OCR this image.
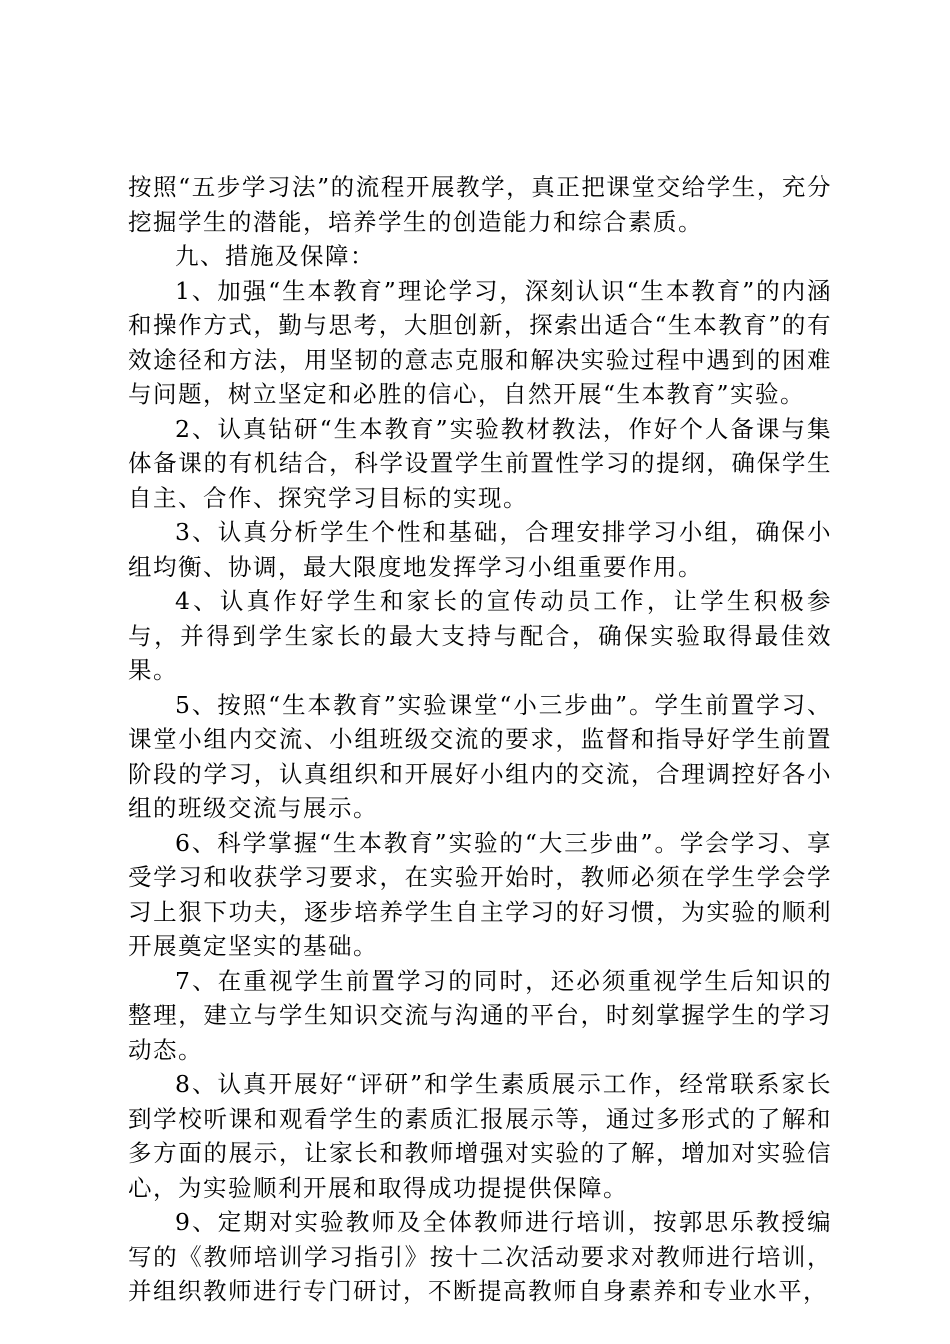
按照“五步学习法”的流程开展教学，真正把课堂交给学生，充分挖掘学生的潜能，培养学生的创造能力和综合素质。

九、措施及保障：

1、加强“生本教育”理论学习，深刻认识“生本教育”的内涵和操作方式，勤与思考，大胆创新，探索出适合“生本教育”的有效途径和方法，用坚韧的意志克服和解决实验过程中遇到的困难与问题，树立坚定和必胜的信心，自然开展“生本教育”实验。

2、认真钻研“生本教育”实验教材教法，作好个人备课与集体备课的有机结合，科学设置学生前置性学习的提纲，确保学生自主、合作、探究学习目标的实现。

3、认真分析学生个性和基础，合理安排学习小组，确保小组均衡、协调，最大限度地发挥学习小组重要作用。

4、认真作好学生和家长的宣传动员工作，让学生积极参与，并得到学生家长的最大支持与配合，确保实验取得最佳效果。

5、按照“生本教育”实验课堂“小三步曲”。学生前置学习、课堂小组内交流、小组班级交流的要求，监督和指导好学生前置阶段的学习，认真组织和开展好小组内的交流，合理调控好各小组的班级交流与展示。

6、科学掌握“生本教育”实验的“大三步曲”。学会学习、享受学习和收获学习要求，在实验开始时，教师必须在学生学会学习上狠下功夫，逐步培养学生自主学习的好习惯，为实验的顺利开展奠定坚实的基础。

7、在重视学生前置学习的同时，还必须重视学生后知识的整理，建立与学生知识交流与沟通的平台，时刻掌握学生的学习动态。

8、认真开展好“评研”和学生素质展示工作，经常联系家长到学校听课和观看学生的素质汇报展示等，通过多形式的了解和多方面的展示，让家长和教师增强对实验的了解，增加对实验信心，为实验顺利开展和取得成功提提供保障。

9、定期对实验教师及全体教师进行培训，按郭思乐教授编写的《教师培训学习指引》按十二次活动要求对教师进行培训，并组织教师进行专门研讨，不断提高教师自身素养和专业水平，
